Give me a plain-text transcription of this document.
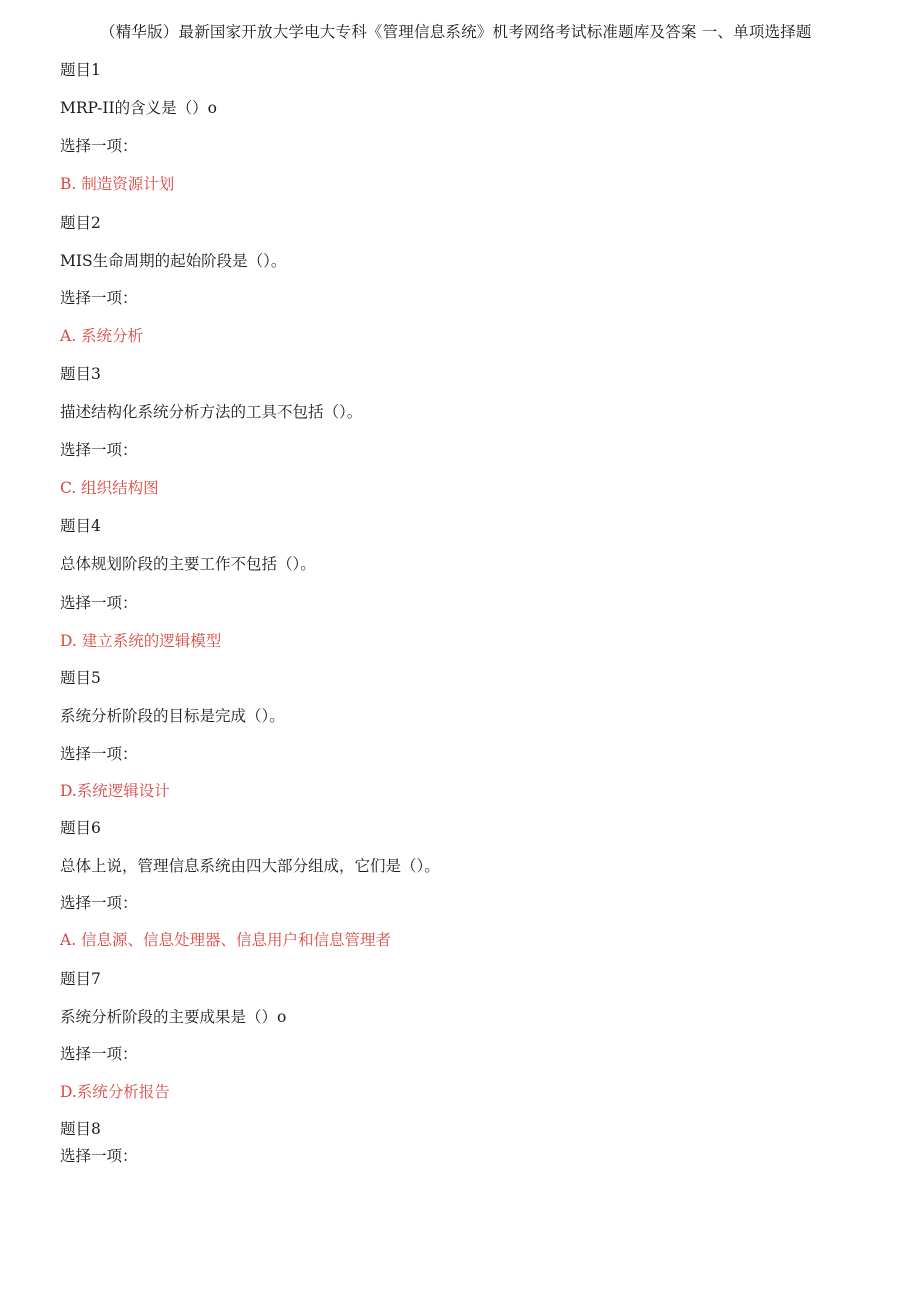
（精华版）最新国家开放大学电大专科《管理信息系统》机考网络考试标准题库及答案 一、单项选择题
题目1
MRP-II的含义是（）o
选择一项：
B. 制造资源计划
题目2
MIS生命周期的起始阶段是（）。
选择一项：
A. 系统分析
题目3
描述结构化系统分析方法的工具不包括（）。
选择一项：
C. 组织结构图
题目4
总体规划阶段的主要工作不包括（）。
选择一项：
D. 建立系统的逻辑模型
题目5
系统分析阶段的目标是完成（）。
选择一项：
D.系统逻辑设计
题目6
总体上说，管理信息系统由四大部分组成，它们是（）。
选择一项：
A. 信息源、信息处理器、信息用户和信息管理者
题目7
系统分析阶段的主要成果是（）o
选择一项：
D.系统分析报告
题目8
选择一项：
